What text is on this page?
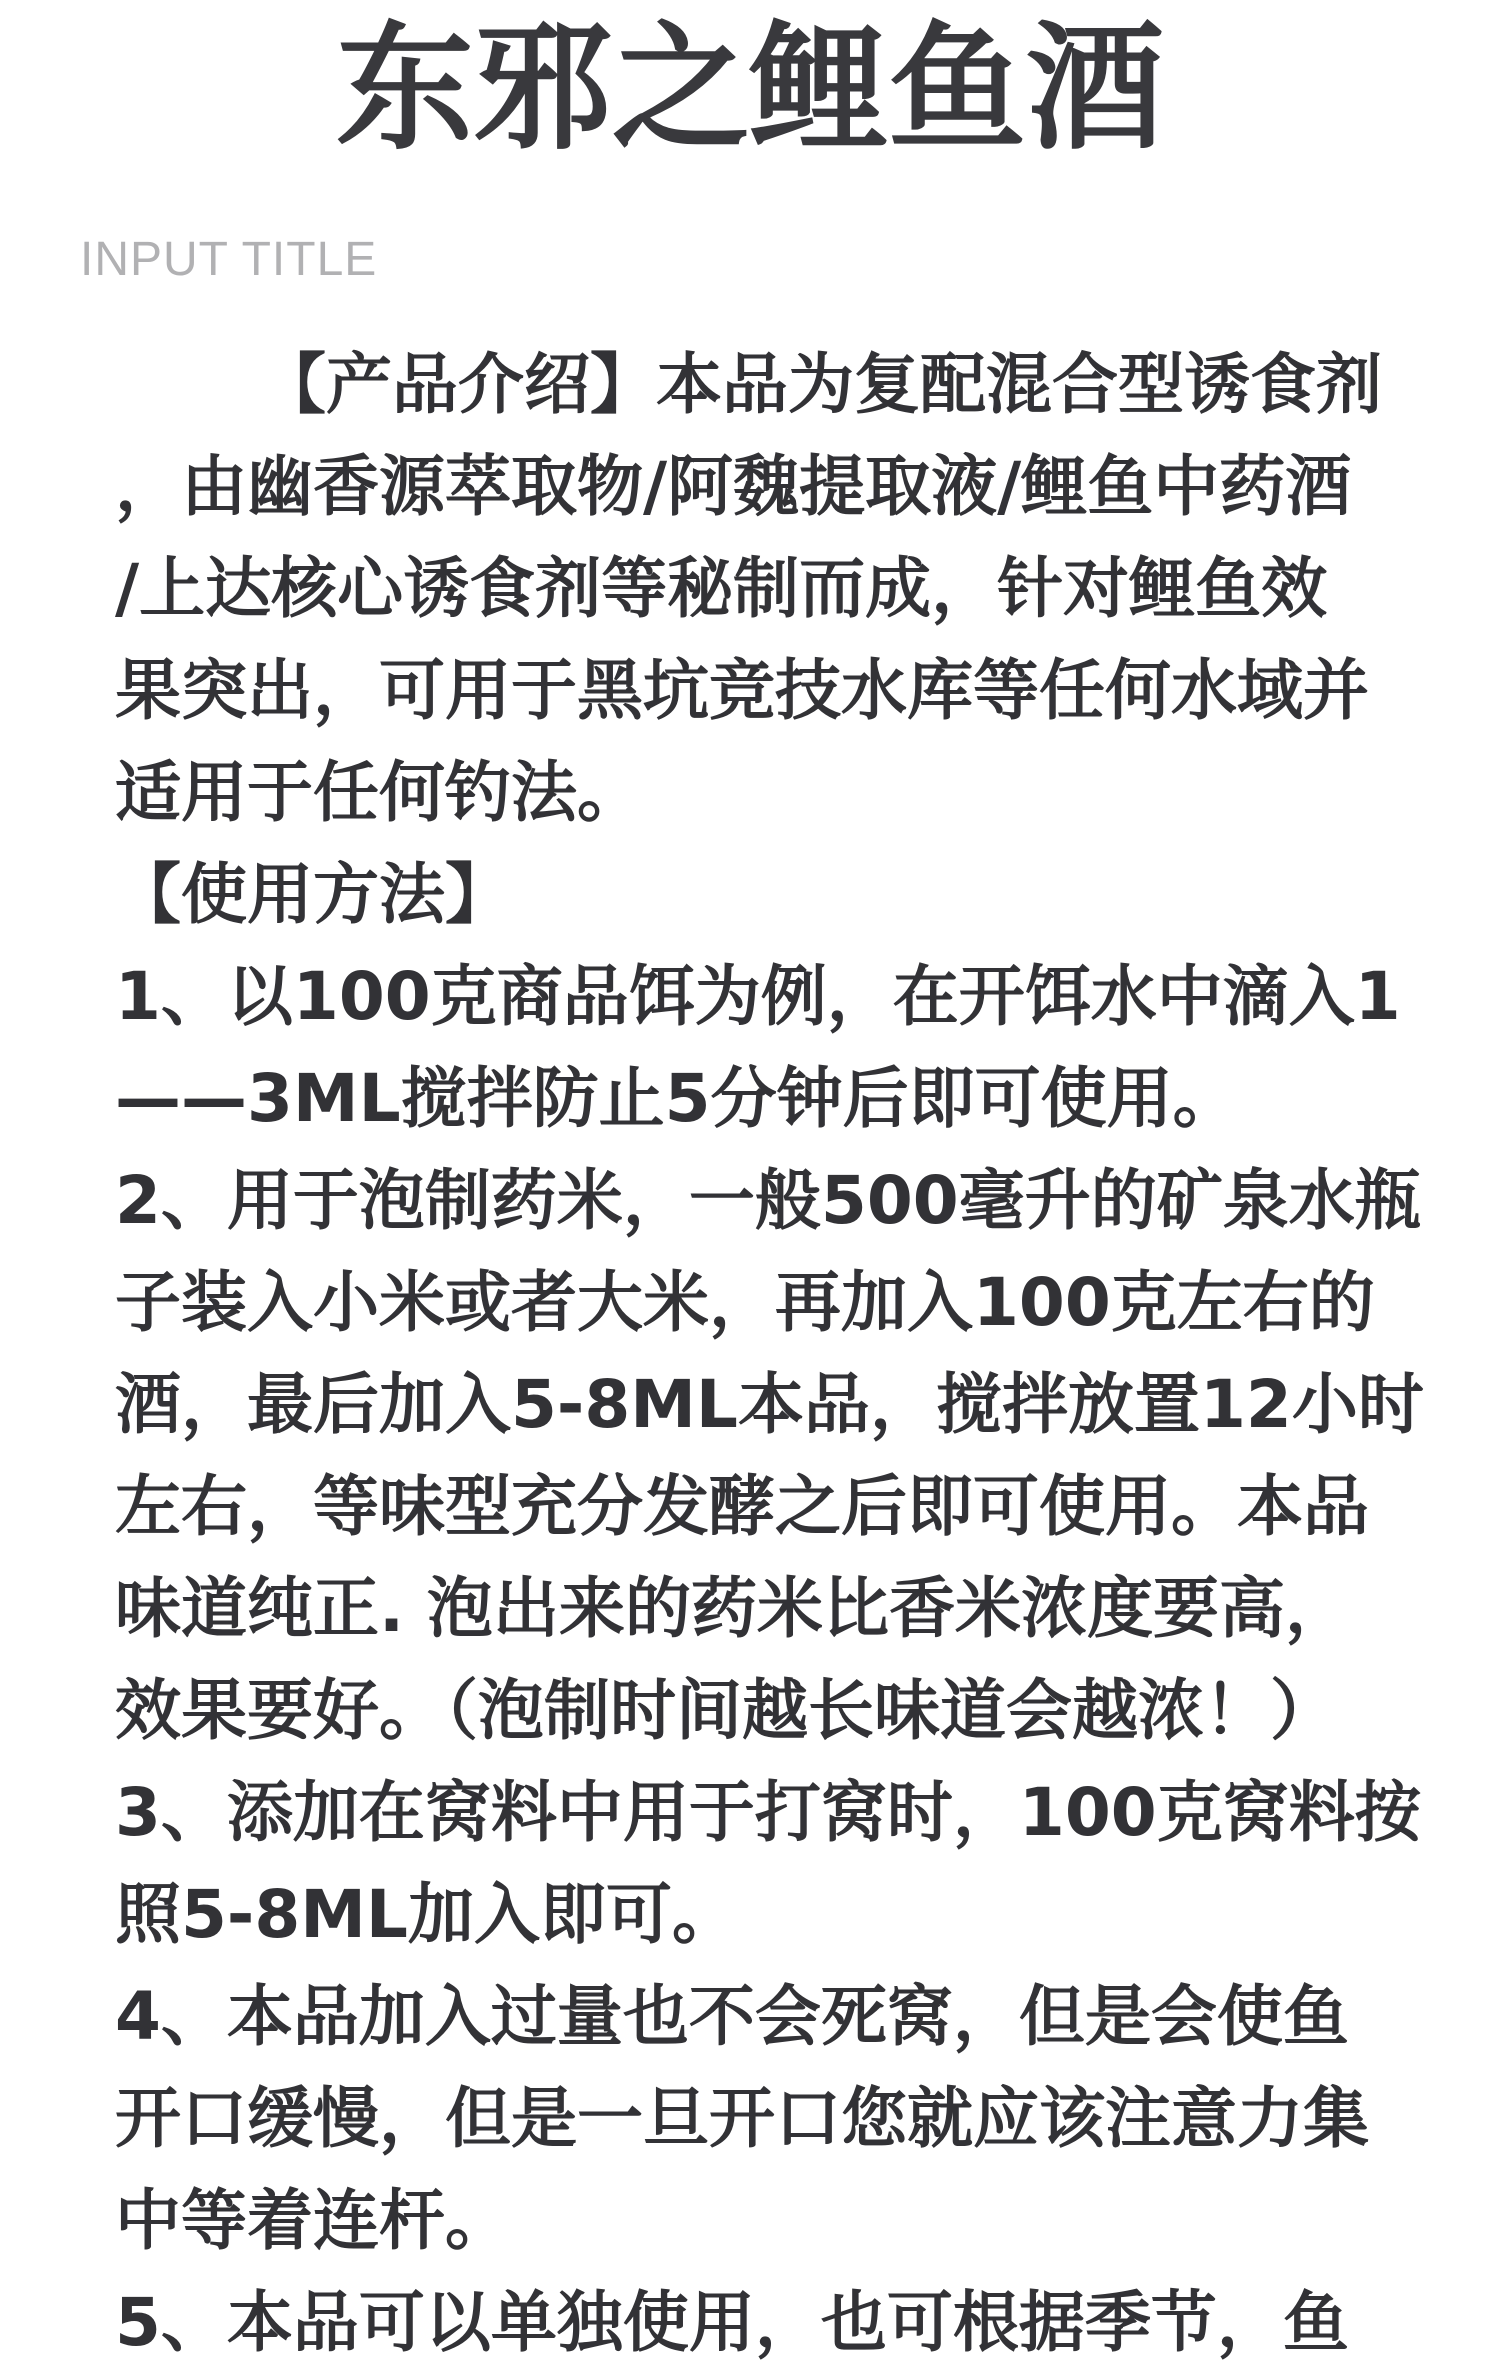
东邪之鲤鱼酒
INPUT TITLE
【产品介绍】本品为复配混合型诱食剂
，由幽香源萃取物/阿魏提取液/鲤鱼中药酒
/上达核心诱食剂等秘制而成，针对鲤鱼效
果突出，可用于黑坑竞技水库等任何水域并
适用于任何钓法。
【使用方法】
1、以100克商品饵为例，在开饵水中滴入1
——3ML搅拌防止5分钟后即可使用。
2、用于泡制药米，一般500毫升的矿泉水瓶
子装入小米或者大米，再加入100克左右的
酒，最后加入5-8ML本品，搅拌放置12小时
左右，等味型充分发酵之后即可使用。本品
味道纯正. 泡出来的药米比香米浓度要高，
效果要好。（泡制时间越长味道会越浓！）
3、添加在窝料中用于打窝时，100克窝料按
照5-8ML加入即可。
4、本品加入过量也不会死窝，但是会使鱼
开口缓慢，但是一旦开口您就应该注意力集
中等着连杆。
5、本品可以单独使用，也可根据季节，鱼
